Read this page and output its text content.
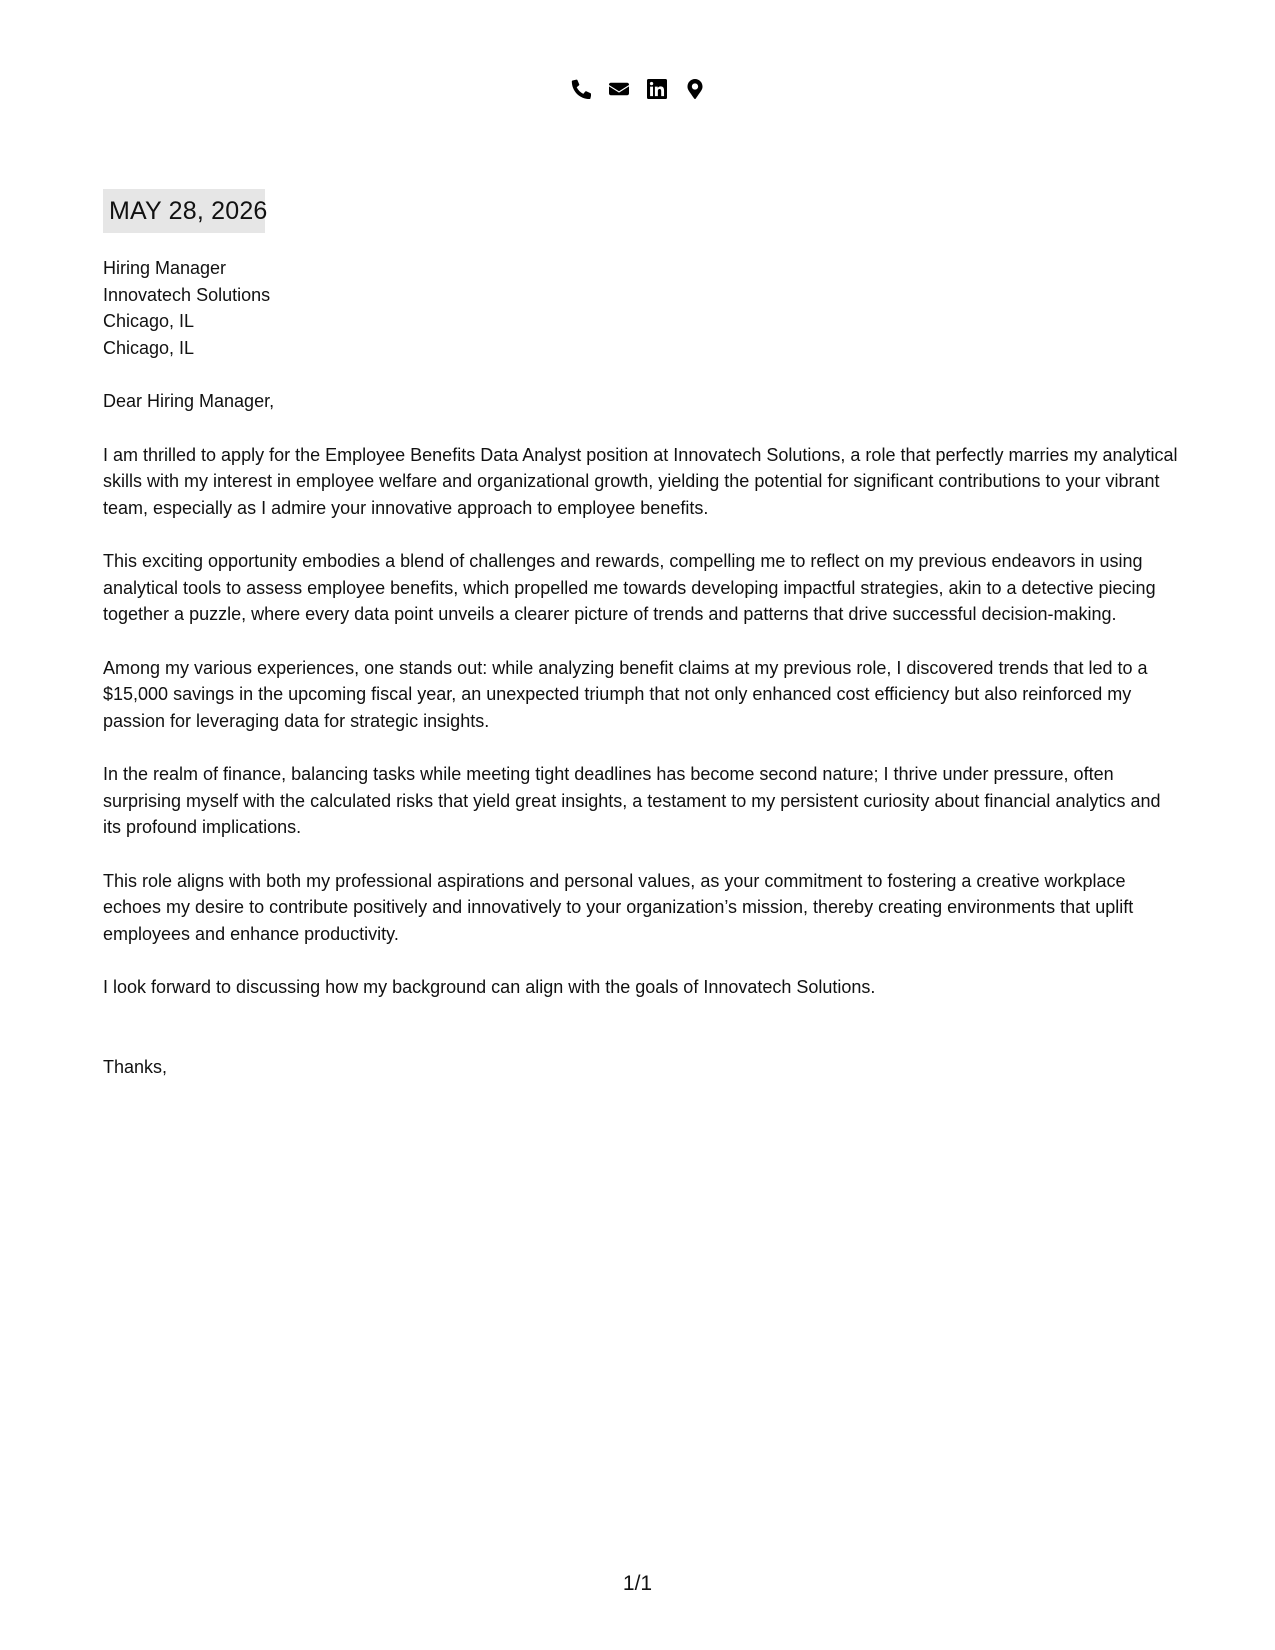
MAY 28, 2026

Hiring Manager

Innovatech Solutions

Chicago, IL

Chicago, IL

Dear Hiring Manager,

I am thrilled to apply for the Employee Benefits Data Analyst position at Innovatech Solutions, a role that perfectly marries my analytical skills with my interest in employee welfare and organizational growth, yielding the potential for significant contributions to your vibrant team, especially as I admire your innovative approach to employee benefits.

This exciting opportunity embodies a blend of challenges and rewards, compelling me to reflect on my previous endeavors in using analytical tools to assess employee benefits, which propelled me towards developing impactful strategies, akin to a detective piecing together a puzzle, where every data point unveils a clearer picture of trends and patterns that drive successful decision-making.

Among my various experiences, one stands out: while analyzing benefit claims at my previous role, I discovered trends that led to a $15,000 savings in the upcoming fiscal year, an unexpected triumph that not only enhanced cost efficiency but also reinforced my passion for leveraging data for strategic insights.

In the realm of finance, balancing tasks while meeting tight deadlines has become second nature; I thrive under pressure, often surprising myself with the calculated risks that yield great insights, a testament to my persistent curiosity about financial analytics and its profound implications.

This role aligns with both my professional aspirations and personal values, as your commitment to fostering a creative workplace echoes my desire to contribute positively and innovatively to your organization’s mission, thereby creating environments that uplift employees and enhance productivity.

I look forward to discussing how my background can align with the goals of Innovatech Solutions.

Thanks,

1/1
